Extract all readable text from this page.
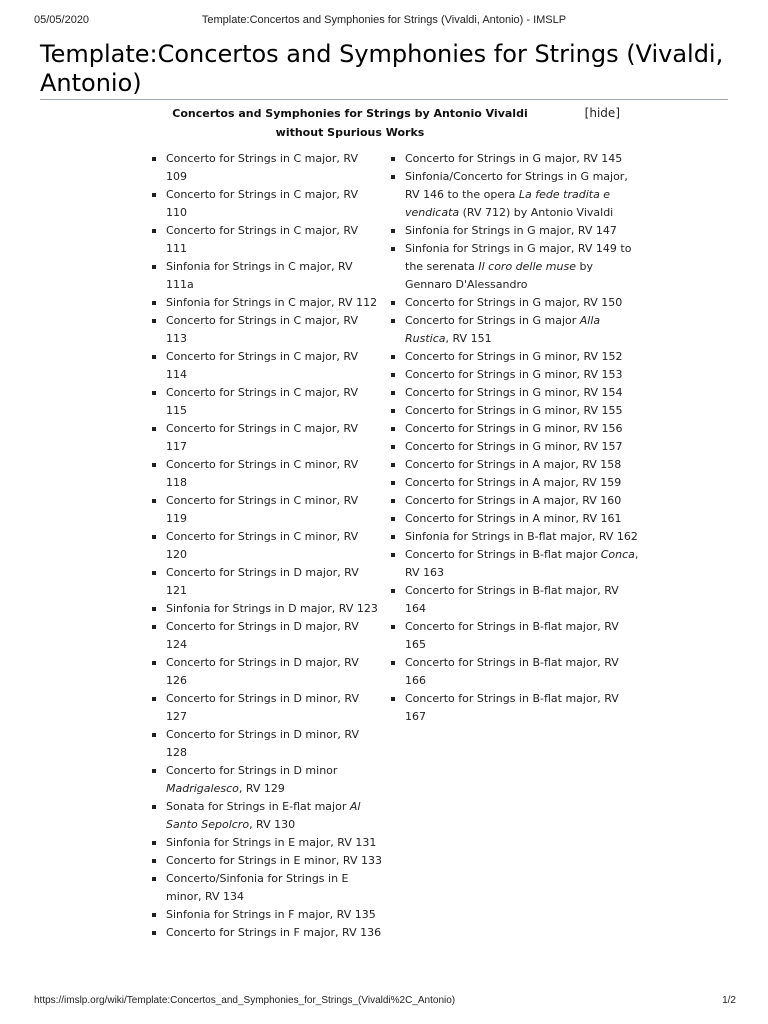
05/05/2020	Template:Concertos and Symphonies for Strings (Vivaldi, Antonio) - IMSLP
Template:Concertos and Symphonies for Strings (Vivaldi, Antonio)
Concertos and Symphonies for Strings by Antonio Vivaldi without Spurious Works
[hide]
Concerto for Strings in C major, RV 109
Concerto for Strings in C major, RV 110
Concerto for Strings in C major, RV 111
Sinfonia for Strings in C major, RV 111a
Sinfonia for Strings in C major, RV 112
Concerto for Strings in C major, RV 113
Concerto for Strings in C major, RV 114
Concerto for Strings in C major, RV 115
Concerto for Strings in C major, RV 117
Concerto for Strings in C minor, RV 118
Concerto for Strings in C minor, RV 119
Concerto for Strings in C minor, RV 120
Concerto for Strings in D major, RV 121
Sinfonia for Strings in D major, RV 123
Concerto for Strings in D major, RV 124
Concerto for Strings in D major, RV 126
Concerto for Strings in D minor, RV 127
Concerto for Strings in D minor, RV 128
Concerto for Strings in D minor Madrigalesco, RV 129
Sonata for Strings in E-flat major Al Santo Sepolcro, RV 130
Sinfonia for Strings in E major, RV 131
Concerto for Strings in E minor, RV 133
Concerto/Sinfonia for Strings in E minor, RV 134
Sinfonia for Strings in F major, RV 135
Concerto for Strings in F major, RV 136
Concerto for Strings in G major, RV 145
Sinfonia/Concerto for Strings in G major, RV 146 to the opera La fede tradita e vendicata (RV 712) by Antonio Vivaldi
Sinfonia for Strings in G major, RV 147
Sinfonia for Strings in G major, RV 149 to the serenata Il coro delle muse by Gennaro D'Alessandro
Concerto for Strings in G major, RV 150
Concerto for Strings in G major Alla Rustica, RV 151
Concerto for Strings in G minor, RV 152
Concerto for Strings in G minor, RV 153
Concerto for Strings in G minor, RV 154
Concerto for Strings in G minor, RV 155
Concerto for Strings in G minor, RV 156
Concerto for Strings in G minor, RV 157
Concerto for Strings in A major, RV 158
Concerto for Strings in A major, RV 159
Concerto for Strings in A major, RV 160
Concerto for Strings in A minor, RV 161
Sinfonia for Strings in B-flat major, RV 162
Concerto for Strings in B-flat major Conca, RV 163
Concerto for Strings in B-flat major, RV 164
Concerto for Strings in B-flat major, RV 165
Concerto for Strings in B-flat major, RV 166
Concerto for Strings in B-flat major, RV 167
https://imslp.org/wiki/Template:Concertos_and_Symphonies_for_Strings_(Vivaldi%2C_Antonio)	1/2
